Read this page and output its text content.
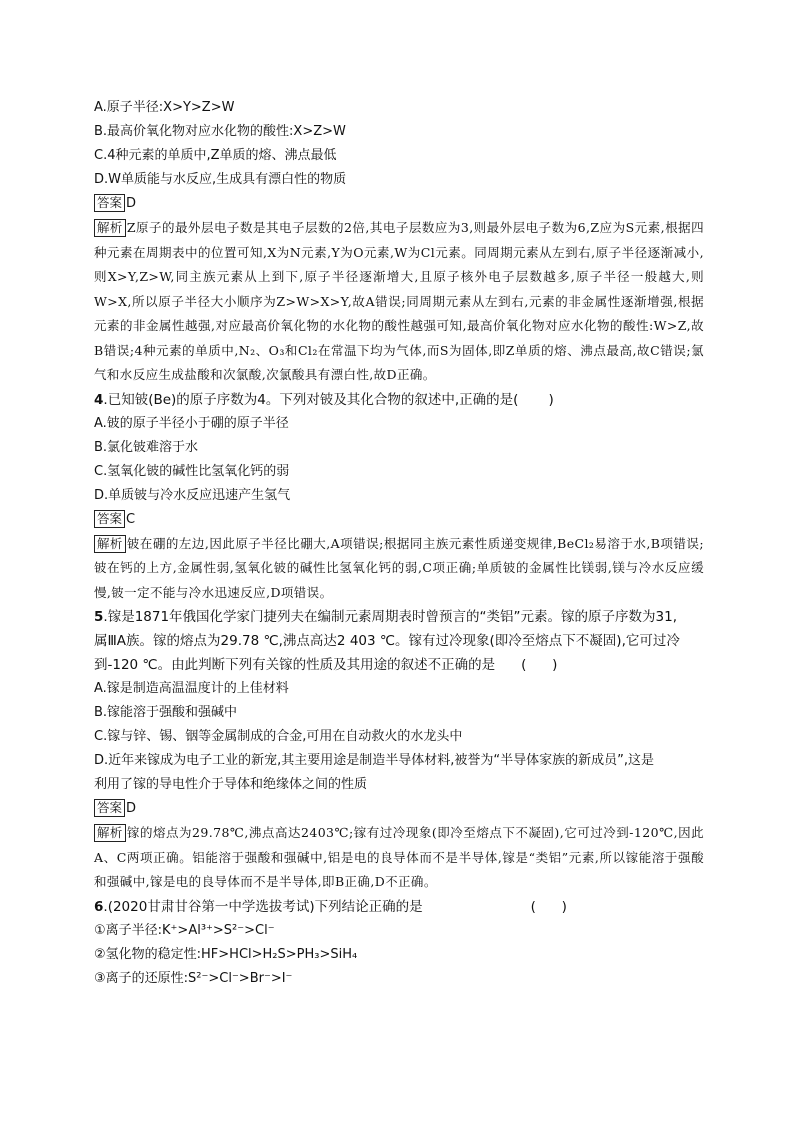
A.原子半径:X>Y>Z>W
B.最高价氧化物对应水化物的酸性:X>Z>W
C.4种元素的单质中,Z单质的熔、沸点最低
D.W单质能与水反应,生成具有漂白性的物质
答案 D
解析 Z原子的最外层电子数是其电子层数的2倍,其电子层数应为3,则最外层电子数为6,Z应为S元素,根据四种元素在周期表中的位置可知,X为N元素,Y为O元素,W为Cl元素。同周期元素从左到右,原子半径逐渐减小,则X>Y,Z>W,同主族元素从上到下,原子半径逐渐增大,且原子核外电子层数越多,原子半径一般越大,则W>X,所以原子半径大小顺序为Z>W>X>Y,故A错误;同周期元素从左到右,元素的非金属性逐渐增强,根据元素的非金属性越强,对应最高价氧化物的水化物的酸性越强可知,最高价氧化物对应水化物的酸性:W>Z,故B错误;4种元素的单质中,N₂、O₃和Cl₂在常温下均为气体,而S为固体,即Z单质的熔、沸点最高,故C错误;氯气和水反应生成盐酸和次氯酸,次氯酸具有漂白性,故D正确。
4.已知铍(Be)的原子序数为4。下列对铍及其化合物的叙述中,正确的是( )
A.铍的原子半径小于硼的原子半径
B.氯化铍难溶于水
C.氢氧化铍的碱性比氢氧化钙的弱
D.单质铍与冷水反应迅速产生氢气
答案 C
解析 铍在硼的左边,因此原子半径比硼大,A项错误;根据同主族元素性质递变规律,BeCl₂易溶于水,B项错误;铍在钙的上方,金属性弱,氢氧化铍的碱性比氢氧化钙的弱,C项正确;单质铍的金属性比镁弱,镁与冷水反应缓慢,铍一定不能与冷水迅速反应,D项错误。
5.镓是1871年俄国化学家门捷列夫在编制元素周期表时曾预言的“类铝”元素。镓的原子序数为31,
属ⅢA族。镓的熔点为29.78 ℃,沸点高达2 403 ℃。镓有过冷现象(即冷至熔点下不凝固),它可过冷
到-120 ℃。由此判断下列有关镓的性质及其用途的叙述不正确的是 (      )
A.镓是制造高温温度计的上佳材料
B.镓能溶于强酸和强碱中
C.镓与锌、锡、铟等金属制成的合金,可用在自动救火的水龙头中
D.近年来镓成为电子工业的新宠,其主要用途是制造半导体材料,被誉为“半导体家族的新成员”,这是
利用了镓的导电性介于导体和绝缘体之间的性质
答案 D
解析 镓的熔点为29.78℃,沸点高达2403℃;镓有过冷现象(即冷至熔点下不凝固),它可过冷到-120℃,因此A、C两项正确。铝能溶于强酸和强碱中,铝是电的良导体而不是半导体,镓是“类铝”元素,所以镓能溶于强酸和强碱中,镓是电的良导体而不是半导体,即B正确,D不正确。
6.(2020甘肃甘谷第一中学选拔考试)下列结论正确的是	(      )
①离子半径:K⁺>Al³⁺>S²⁻>Cl⁻
②氢化物的稳定性:HF>HCl>H₂S>PH₃>SiH₄
③离子的还原性:S²⁻>Cl⁻>Br⁻>I⁻
